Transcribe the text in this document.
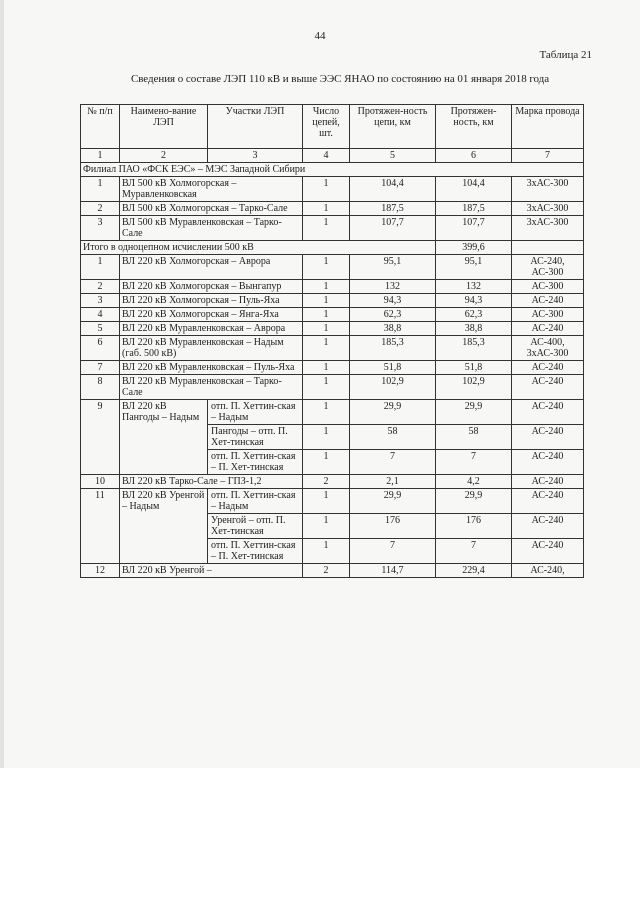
44
Таблица 21
Сведения о составе ЛЭП 110 кВ и выше ЭЭС ЯНАО по состоянию на 01 января 2018 года
№ п/п	Наимено-вание ЛЭП	Участки ЛЭП	Число цепей, шт.	Протяжен-ность цепи, км	Протяжен-ность, км	Марка провода
1	2	3	4	5	6	7
Филиал ПАО «ФСК ЕЭС» – МЭС Западной Сибири						
1	ВЛ 500 кВ Холмогорская – Муравленковская		1	104,4	104,4	3хАС-300
2	ВЛ 500 кВ Холмогорская – Тарко-Сале		1	187,5	187,5	3хАС-300
3	ВЛ 500 кВ Муравленковская – Тарко-Сале		1	107,7	107,7	3хАС-300
Итого в одноцепном исчислении 500 кВ					399,6	
1	ВЛ 220 кВ Холмогорская – Аврора		1	95,1	95,1	АС-240, АС-300
2	ВЛ 220 кВ Холмогорская – Вынгапур		1	132	132	АС-300
3	ВЛ 220 кВ Холмогорская – Пуль-Яха		1	94,3	94,3	АС-240
4	ВЛ 220 кВ Холмогорская – Янга-Яха		1	62,3	62,3	АС-300
5	ВЛ 220 кВ Муравленковская – Аврора		1	38,8	38,8	АС-240
6	ВЛ 220 кВ Муравленковская – Надым (габ. 500 кВ)		1	185,3	185,3	АС-400, 3хАС-300
7	ВЛ 220 кВ Муравленковская – Пуль-Яха		1	51,8	51,8	АС-240
8	ВЛ 220 кВ Муравленковская – Тарко-Сале		1	102,9	102,9	АС-240
9	ВЛ 220 кВ Пангоды – Надым	отп. П. Хеттин-ская – Надым	1	29,9	29,9	АС-240
		Пангоды – отп. П. Хет-тинская	1	58	58	АС-240
		отп. П. Хеттин-ская – П. Хет-тинская	1	7	7	АС-240
10	ВЛ 220 кВ Тарко-Сале – ГПЗ-1,2		2	2,1	4,2	АС-240
11	ВЛ 220 кВ Уренгой – Надым	отп. П. Хеттин-ская – Надым	1	29,9	29,9	АС-240
		Уренгой – отп. П. Хет-тинская	1	176	176	АС-240
		отп. П. Хеттин-ская – П. Хет-тинская	1	7	7	АС-240
12	ВЛ 220 кВ Уренгой –		2	114,7	229,4	АС-240,
